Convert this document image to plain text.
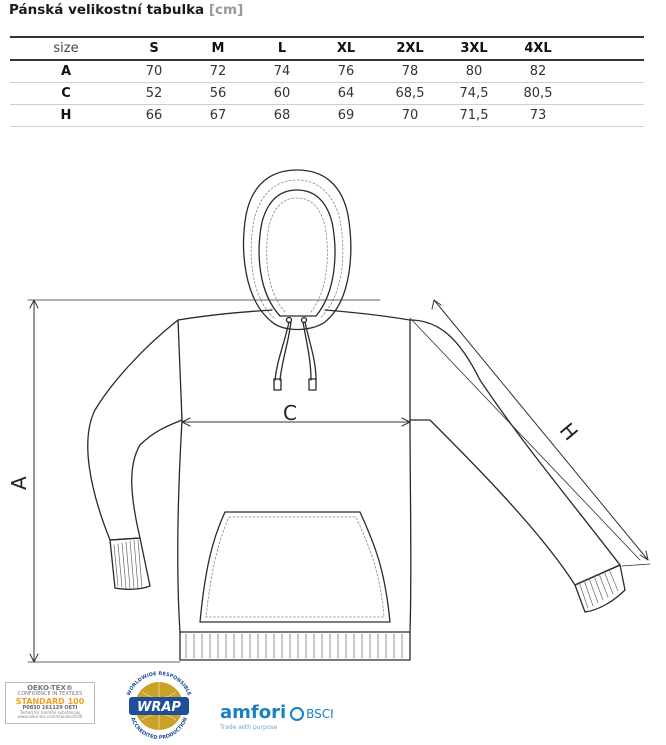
Pánská velikostní tabulka [cm]
size	S	M	L	XL	2XL	3XL	4XL	
A	70	72	74	76	78	80	82	
C	52	56	60	64	68,5	74,5	80,5	
H	66	67	68	69	70	71,5	73	
A
C
H
OEKO-TEX®
CONFIDENCE IN TEXTILES
STANDARD 100
P0830 161129 OETI
Tested for harmful substances
www.oeko-tex.com/standard100
WRAP
WORLDWIDE RESPONSIBLE
ACCREDITED PRODUCTION amfori BSCI
Trade with purpose
